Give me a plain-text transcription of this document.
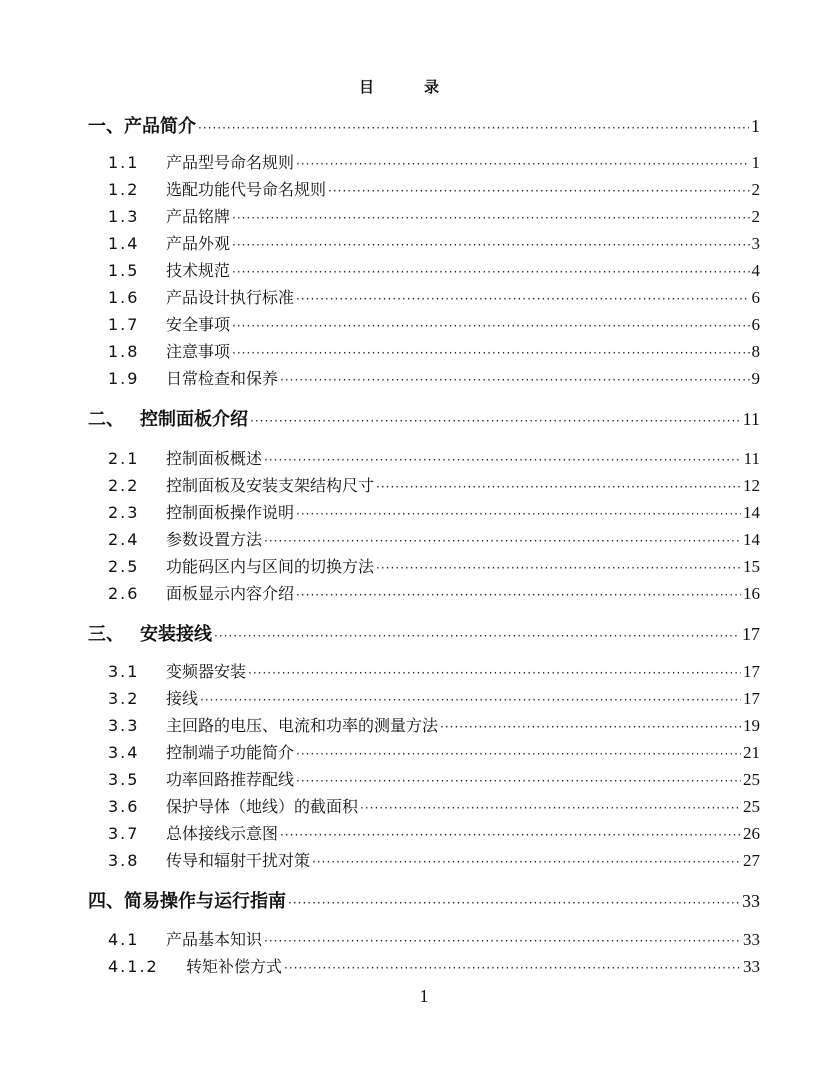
目录
一、 产品简介 ·····	1
1.1	产品型号命名规则 ·····	1
1.2	选配功能代号命名规则 ·····	2
1.3	产品铭牌 ·····	2
1.4	产品外观 ·····	3
1.5	技术规范 ·····	4
1.6	产品设计执行标准 ·····	6
1.7	安全事项 ·····	6
1.8	注意事项 ·····	8
1.9	日常检查和保养 ·····	9
二、 控制面板介绍 ·····	11
2.1	控制面板概述 ·····	11
2.2	控制面板及安装支架结构尺寸 ·····	12
2.3	控制面板操作说明 ·····	14
2.4	参数设置方法 ·····	14
2.5	功能码区内与区间的切换方法 ·····	15
2.6	面板显示内容介绍 ·····	16
三、 安装接线 ·····	17
3.1	变频器安装 ·····	17
3.2	接线 ·····	17
3.3	主回路的电压、电流和功率的测量方法 ·····	19
3.4	控制端子功能简介 ·····	21
3.5	功率回路推荐配线 ·····	25
3.6	保护导体（地线）的截面积 ·····	25
3.7	总体接线示意图 ·····	26
3.8	传导和辐射干扰对策 ·····	27
四、 简易操作与运行指南 ·····	33
4.1	产品基本知识 ·····	33
4.1.2	转矩补偿方式 ·····	33
1
